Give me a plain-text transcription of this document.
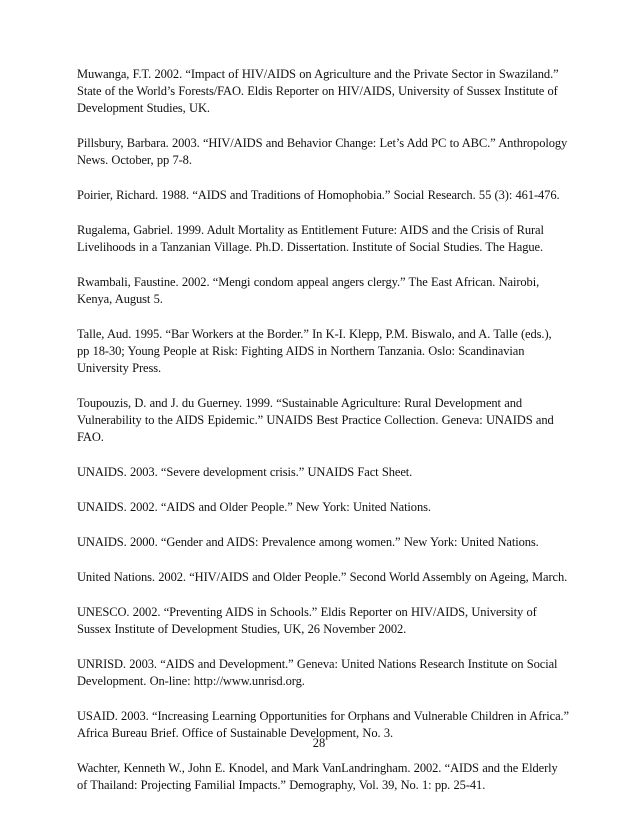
Muwanga, F.T. 2002. “Impact of HIV/AIDS on Agriculture and the Private Sector in Swaziland.”
State of the World’s Forests/FAO. Eldis Reporter on HIV/AIDS, University of Sussex Institute of
Development Studies, UK.
Pillsbury, Barbara. 2003. “HIV/AIDS and Behavior Change: Let’s Add PC to ABC.” Anthropology
News. October, pp 7-8.
Poirier, Richard. 1988. “AIDS and Traditions of Homophobia.” Social Research. 55 (3): 461-476.
Rugalema, Gabriel. 1999. Adult Mortality as Entitlement Future: AIDS and the Crisis of Rural
Livelihoods in a Tanzanian Village. Ph.D. Dissertation. Institute of Social Studies. The Hague.
Rwambali, Faustine. 2002. “Mengi condom appeal angers clergy.” The East African. Nairobi,
Kenya, August 5.
Talle, Aud. 1995. “Bar Workers at the Border.” In K-I. Klepp, P.M. Biswalo, and A. Talle (eds.),
pp 18-30; Young People at Risk: Fighting AIDS in Northern Tanzania. Oslo: Scandinavian
University Press.
Toupouzis, D. and J. du Guerney. 1999. “Sustainable Agriculture: Rural Development and
Vulnerability to the AIDS Epidemic.” UNAIDS Best Practice Collection. Geneva: UNAIDS and
FAO.
UNAIDS. 2003. “Severe development crisis.” UNAIDS Fact Sheet.
UNAIDS. 2002. “AIDS and Older People.” New York: United Nations.
UNAIDS. 2000. “Gender and AIDS: Prevalence among women.” New York: United Nations.
United Nations. 2002. “HIV/AIDS and Older People.” Second World Assembly on Ageing, March.
UNESCO. 2002. “Preventing AIDS in Schools.” Eldis Reporter on HIV/AIDS, University of
Sussex Institute of Development Studies, UK, 26 November 2002.
UNRISD. 2003. “AIDS and Development.” Geneva: United Nations Research Institute on Social
Development. On-line: http://www.unrisd.org.
USAID. 2003. “Increasing Learning Opportunities for Orphans and Vulnerable Children in Africa.”
Africa Bureau Brief. Office of Sustainable Development, No. 3.
Wachter, Kenneth W., John E. Knodel, and Mark VanLandringham. 2002. “AIDS and the Elderly
of Thailand: Projecting Familial Impacts.” Demography, Vol. 39, No. 1: pp. 25-41.
28
